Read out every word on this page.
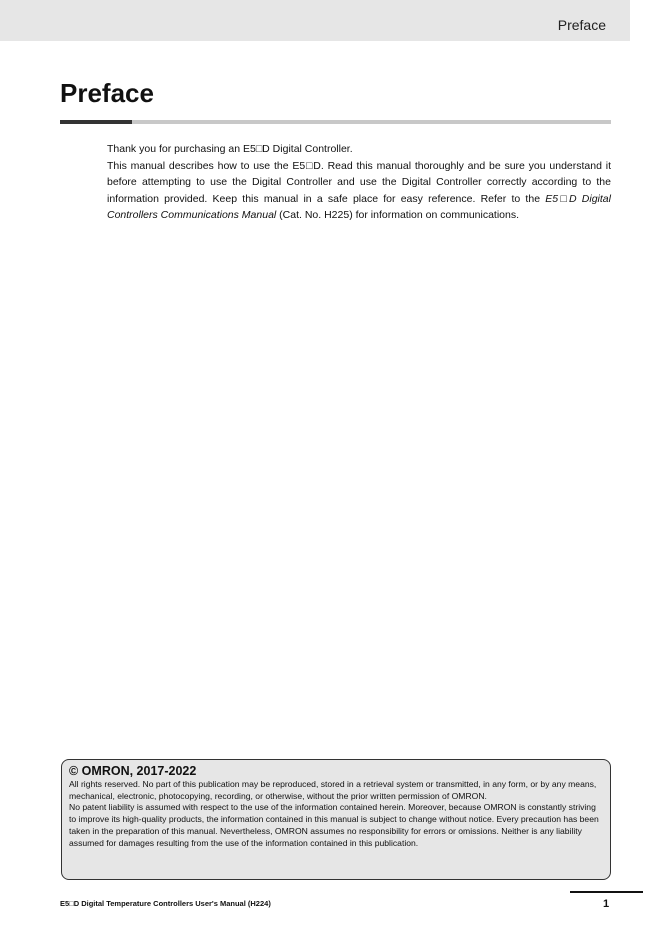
Preface
Preface

Thank you for purchasing an E5□D Digital Controller.

This manual describes how to use the E5□D. Read this manual thoroughly and be sure you understand it before attempting to use the Digital Controller and use the Digital Controller correctly according to the information provided. Keep this manual in a safe place for easy reference. Refer to the E5□D Digital Controllers Communications Manual (Cat. No. H225) for information on communications.

© OMRON, 2017-2022

All rights reserved. No part of this publication may be reproduced, stored in a retrieval system or transmitted, in any form, or by any means, mechanical, electronic, photocopying, recording, or otherwise, without the prior written permission of OMRON.

No patent liability is assumed with respect to the use of the information contained herein. Moreover, because OMRON is constantly striving to improve its high-quality products, the information contained in this manual is subject to change without notice. Every precaution has been taken in the preparation of this manual. Nevertheless, OMRON assumes no responsibility for errors or omissions. Neither is any liability assumed for damages resulting from the use of the information contained in this publication.

E5□D Digital Temperature Controllers User's Manual (H224)	1
